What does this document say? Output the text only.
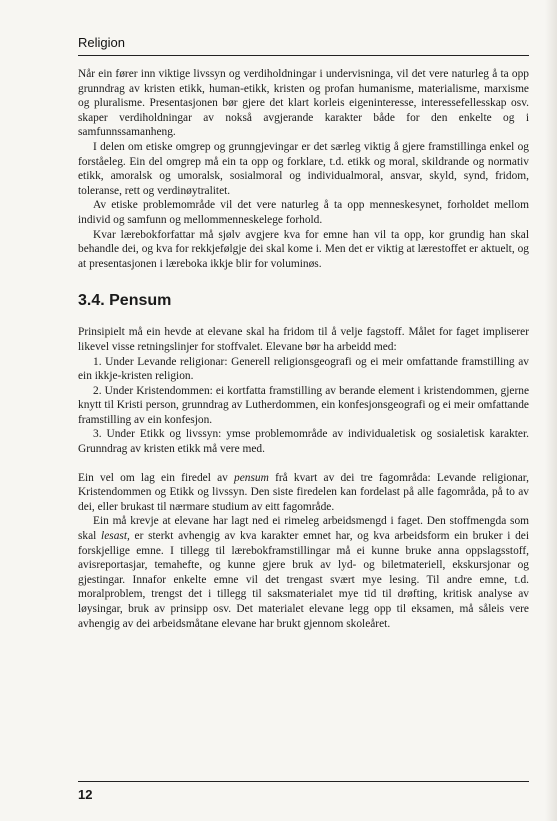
Religion

Når ein fører inn viktige livssyn og verdiholdningar i undervisninga, vil det vere naturleg å ta opp grunndrag av kristen etikk, human-etikk, kristen og profan humanisme, materialisme, marxisme og pluralisme. Presentasjonen bør gjere det klart korleis eigeninteresse, interessefellesskap osv. skaper verdiholdningar av nokså avgjerande karakter både for den enkelte og i samfunnssamanheng.

I delen om etiske omgrep og grunngjevingar er det særleg viktig å gjere framstillinga enkel og forståeleg. Ein del omgrep må ein ta opp og forklare, t.d. etikk og moral, skildrande og normativ etikk, amoralsk og umoralsk, sosialmoral og individualmoral, ansvar, skyld, synd, fridom, toleranse, rett og verdinøytralitet.

Av etiske problemområde vil det vere naturleg å ta opp menneskesynet, forholdet mellom individ og samfunn og mellommenneskelege forhold.

Kvar lærebokforfattar må sjølv avgjere kva for emne han vil ta opp, kor grundig han skal behandle dei, og kva for rekkjefølgje dei skal kome i. Men det er viktig at lærestoffet er aktuelt, og at presentasjonen i læreboka ikkje blir for voluminøs.

3.4. Pensum

Prinsipielt må ein hevde at elevane skal ha fridom til å velje fagstoff. Målet for faget impliserer likevel visse retningslinjer for stoffvalet. Elevane bør ha arbeidd med:

1. Under Levande religionar: Generell religionsgeografi og ei meir omfattande framstilling av ein ikkje-kristen religion.

2. Under Kristendommen: ei kortfatta framstilling av berande element i kristendommen, gjerne knytt til Kristi person, grunndrag av Lutherdommen, ein konfesjonsgeografi og ei meir omfattande framstilling av ein konfesjon.

3. Under Etikk og livssyn: ymse problemområde av individualetisk og sosialetisk karakter. Grunndrag av kristen etikk må vere med.

Ein vel om lag ein firedel av pensum frå kvart av dei tre fagområda: Levande religionar, Kristendommen og Etikk og livssyn. Den siste firedelen kan fordelast på alle fagområda, på to av dei, eller brukast til nærmare studium av eitt fagområde.

Ein må krevje at elevane har lagt ned ei rimeleg arbeidsmengd i faget. Den stoffmengda som skal lesast, er sterkt avhengig av kva karakter emnet har, og kva arbeidsform ein bruker i dei forskjellige emne. I tillegg til lærebokframstillingar må ei kunne bruke anna oppslagsstoff, avisreportasjar, temahefte, og kunne gjere bruk av lyd- og biletmateriell, ekskursjonar og gjestingar. Innafor enkelte emne vil det trengast svært mye lesing. Til andre emne, t.d. moralproblem, trengst det i tillegg til saksmaterialet mye tid til drøfting, kritisk analyse av løysingar, bruk av prinsipp osv. Det materialet elevane legg opp til eksamen, må såleis vere avhengig av dei arbeidsmåtane elevane har brukt gjennom skoleåret.

12
